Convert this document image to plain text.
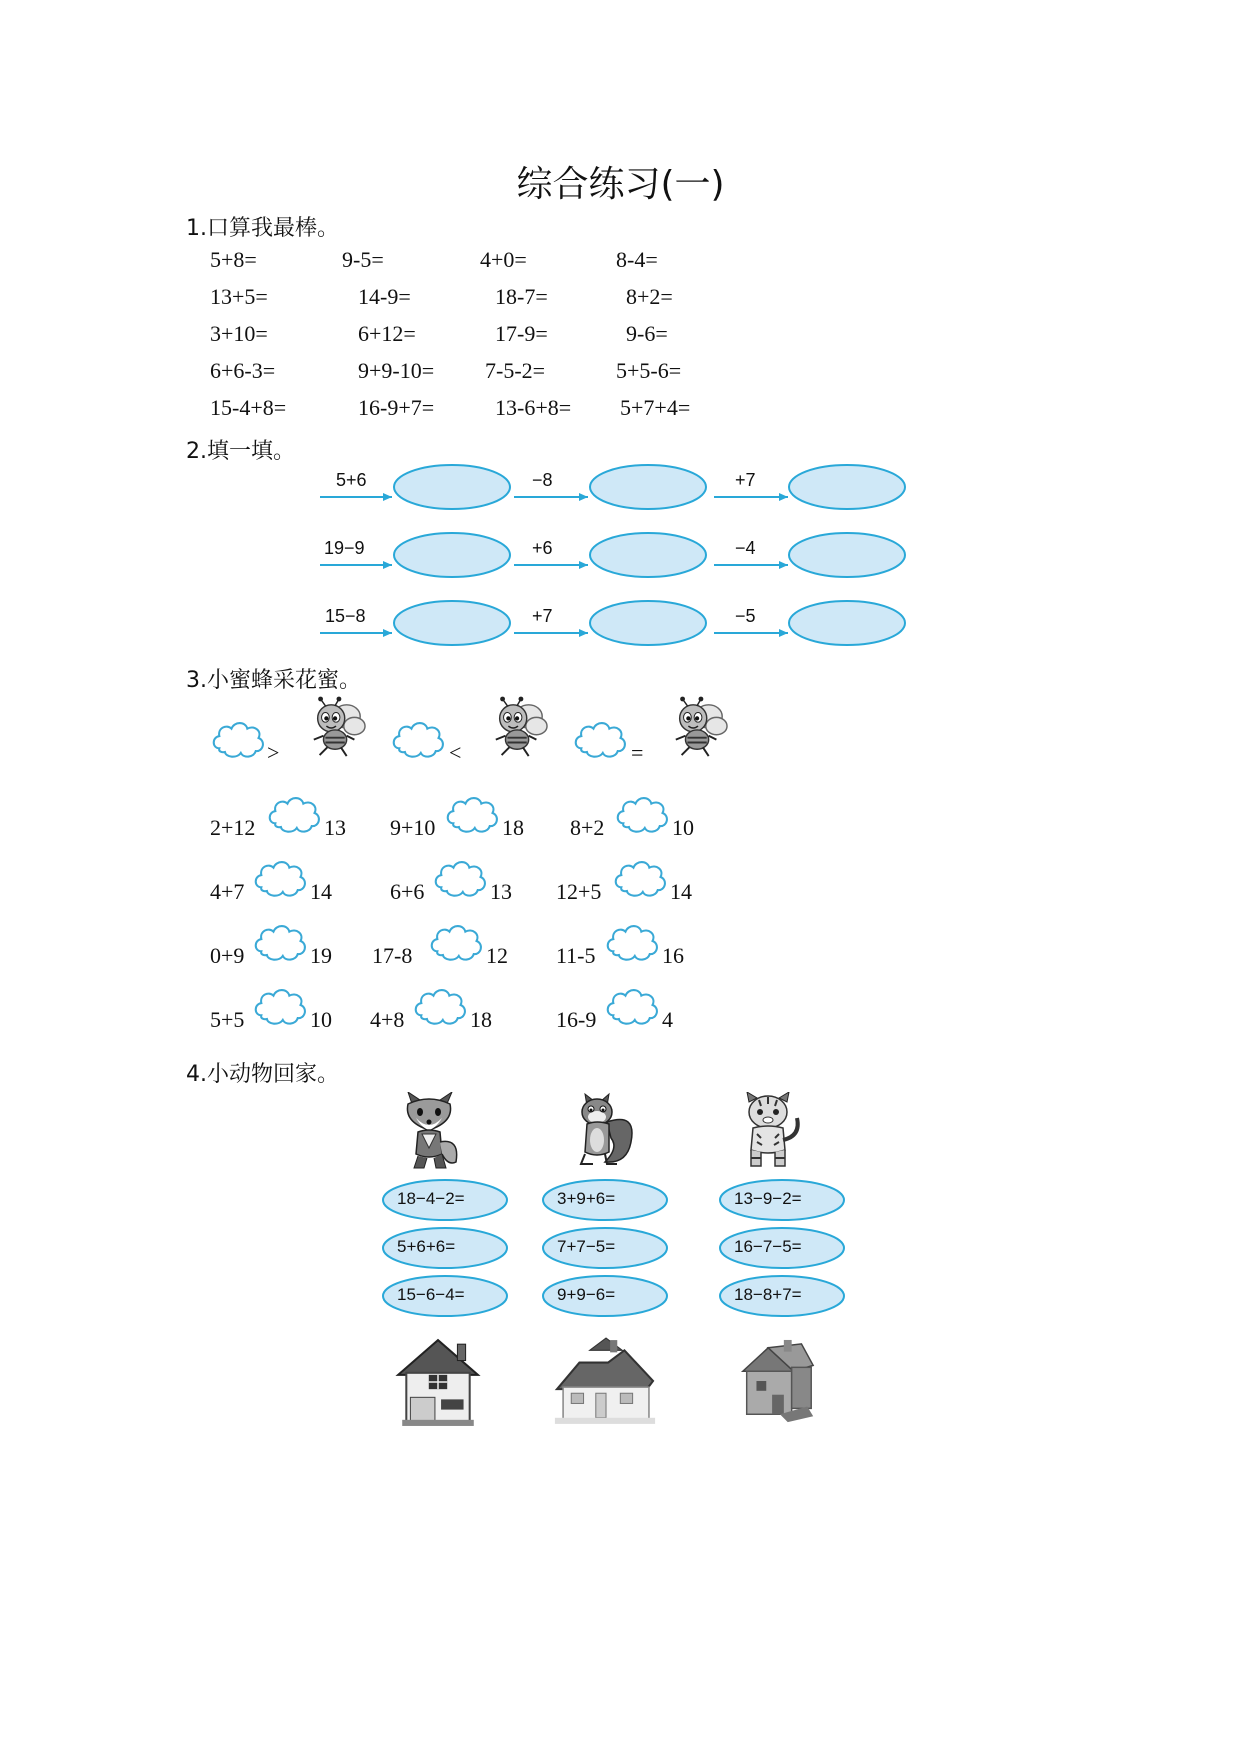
综合练习(一)
1.口算我最棒。
5+8=	9-5=	4+0=	8-4=
13+5=	14-9=	18-7=	8+2=
3+10=	6+12=	17-9=	9-6=
6+6-3=	9+9-10= 7-5-2=	5+5-6=
15-4+8=	16-9+7=	13-6+8= 5+7+4=
2.填一填。
5+6	−8	+7
19−9	+6	−4
15−8	+7	−5
3.小蜜蜂采花蜜。
>	<	=
2+12	13 9+10	18 8+2	10
4+7	14	6+6	13 12+5	14
0+9	19 17-8	12 11-5	16
5+5	10 4+8	18	16-9	4
4.小动物回家。
18−4−2=
5+6+6=
15−6−4=
3+9+6=
7+7−5=
9+9−6=
13−9−2=
16−7−5=
18−8+7=
